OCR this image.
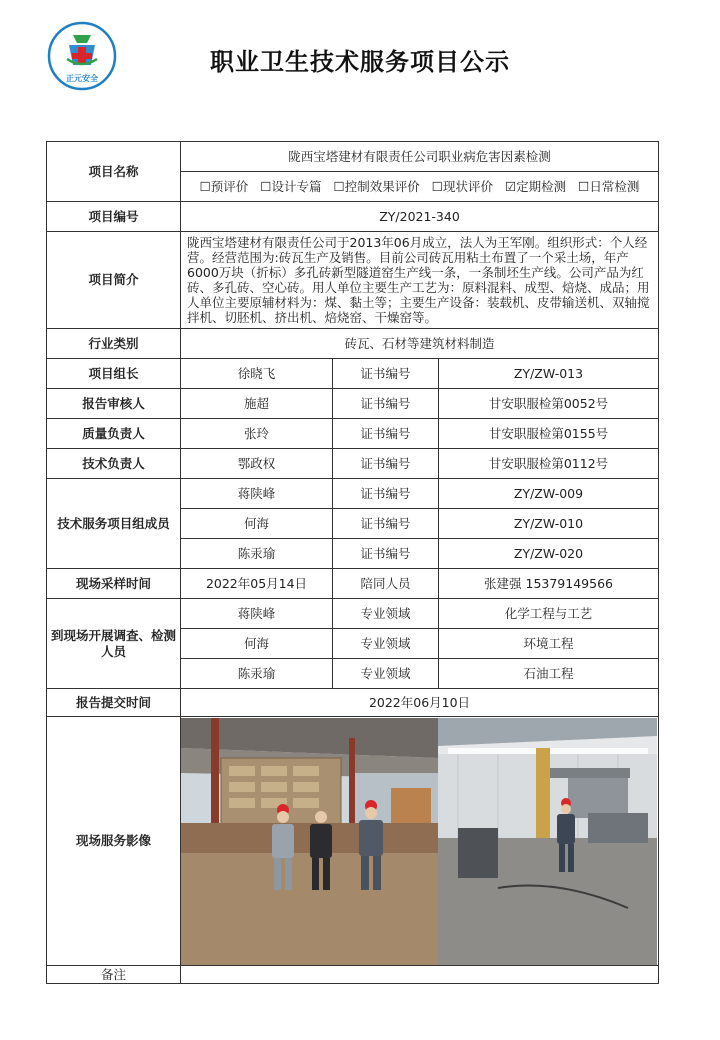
正元安全
职业卫生技术服务项目公示
项目名称	陇西宝塔建材有限责任公司职业病危害因素检测		
	☐预评价 ☐设计专篇 ☐控制效果评价 ☐现状评价 ☑定期检测 ☐日常检测		
项目编号	ZY/2021-340		
项目简介	陇西宝塔建材有限责任公司于2013年06月成立，法人为王军刚。组织形式：个人经营。经营范围为:砖瓦生产及销售。目前公司砖瓦用粘土布置了一个采土场，年产6000万块（折标）多孔砖新型隧道窑生产线一条，一条制坯生产线。公司产品为红砖、多孔砖、空心砖。用人单位主要生产工艺为：原料混料、成型、焙烧、成品；用人单位主要原辅材料为：煤、黏土等；主要生产设备：装载机、皮带输送机、双轴搅拌机、切胚机、挤出机、焙烧窑、干燥窑等。		
行业类别	砖瓦、石材等建筑材料制造		
项目组长	徐晓飞	证书编号	ZY/ZW-013
报告审核人	施超	证书编号	甘安职服检第0052号
质量负责人	张玲	证书编号	甘安职服检第0155号
技术负责人	鄂政权	证书编号	甘安职服检第0112号
技术服务项目组成员	蒋陕峰	证书编号	ZY/ZW-009
	何海	证书编号	ZY/ZW-010
	陈汞瑜	证书编号	ZY/ZW-020
现场采样时间	2022年05月14日	陪同人员	张建强 15379149566
到现场开展调查、检测人员	蒋陕峰	专业领域	化学工程与工艺
	何海	专业领域	环境工程
	陈汞瑜	专业领域	石油工程
报告提交时间	2022年06月10日		
现场服务影像	

备注			
